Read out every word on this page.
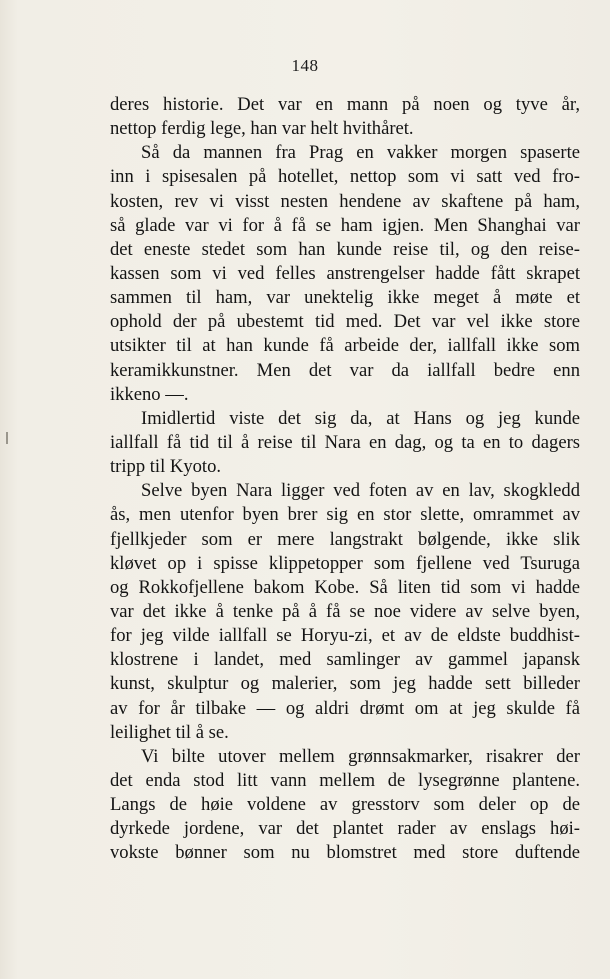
148
deres historie. Det var en mann på noen og tyve år,
nettop ferdig lege, han var helt hvithåret.
Så da mannen fra Prag en vakker morgen spaserte
inn i spisesalen på hotellet, nettop som vi satt ved fro-
kosten, rev vi visst nesten hendene av skaftene på ham,
så glade var vi for å få se ham igjen. Men Shanghai var
det eneste stedet som han kunde reise til, og den reise-
kassen som vi ved felles anstrengelser hadde fått skrapet
sammen til ham, var unektelig ikke meget å møte et
ophold der på ubestemt tid med. Det var vel ikke store
utsikter til at han kunde få arbeide der, iallfall ikke som
keramikkunstner. Men det var da iallfall bedre enn
ikkeno —.
Imidlertid viste det sig da, at Hans og jeg kunde
iallfall få tid til å reise til Nara en dag, og ta en to dagers
tripp til Kyoto.
Selve byen Nara ligger ved foten av en lav, skogkledd
ås, men utenfor byen brer sig en stor slette, omrammet av
fjellkjeder som er mere langstrakt bølgende, ikke slik
kløvet op i spisse klippetopper som fjellene ved Tsuruga
og Rokkofjellene bakom Kobe. Så liten tid som vi hadde
var det ikke å tenke på å få se noe videre av selve byen,
for jeg vilde iallfall se Horyu-zi, et av de eldste buddhist-
klostrene i landet, med samlinger av gammel japansk
kunst, skulptur og malerier, som jeg hadde sett billeder
av for år tilbake — og aldri drømt om at jeg skulde få
leilighet til å se.
Vi bilte utover mellem grønnsakmarker, risakrer der
det enda stod litt vann mellem de lysegrønne plantene.
Langs de høie voldene av gresstorv som deler op de
dyrkede jordene, var det plantet rader av enslags høi-
vokste bønner som nu blomstret med store duftende
